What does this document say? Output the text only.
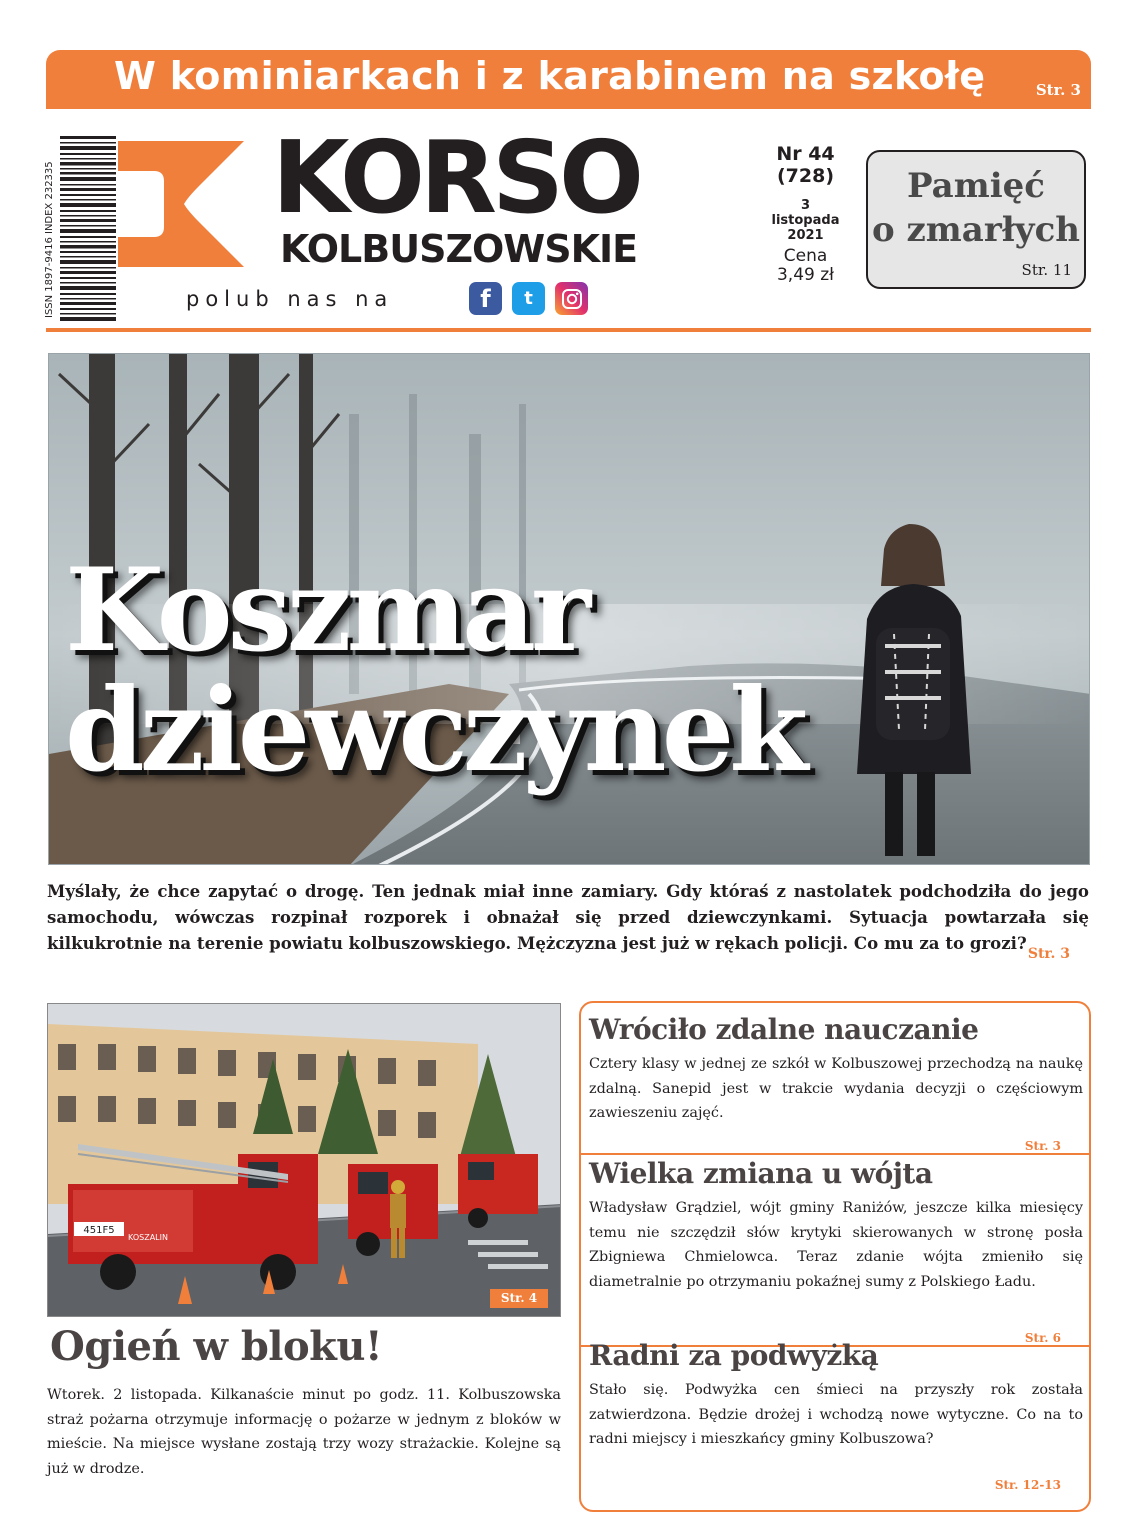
W kominiarkach i z karabinem na szkołę	Str. 3
ISSN 1897-9416 INDEX 232335 KORSO
KOLBUSZOWSKIE
polub nas na	f	t
Nr 44
(728)
3
listopada
2021
Cena
3,49 zł
Pamięć
o zmarłych
Str. 11
Koszmar
dziewczynek
Myślały, że chce zapytać o drogę. Ten jednak miał inne zamiary. Gdy któraś z nastolatek podchodziła do jego samochodu, wówczas rozpinał rozporek i obnażał się przed dziewczynkami. Sytuacja powtarzała się kilkukrotnie na terenie powiatu kolbuszowskiego. Mężczyzna jest już w rękach policji. Co mu za to grozi?
Str. 3
451F5
KOSZALIN
Str. 4
Ogień w bloku!
Wtorek. 2 listopada. Kilkanaście minut po godz. 11. Kolbuszowska straż pożarna otrzymuje informację o pożarze w jednym z bloków w mieście. Na miejsce wysłane zostają trzy wozy strażackie. Kolejne są już w drodze.
Wróciło zdalne nauczanie
Cztery klasy w jednej ze szkół w Kolbuszowej przechodzą na naukę zdalną. Sanepid jest w trakcie wydania decyzji o częściowym zawieszeniu zajęć.
Str. 3
Wielka zmiana u wójta
Władysław Grądziel, wójt gminy Raniżów, jeszcze kilka miesięcy temu nie szczędził słów krytyki skierowanych w stronę posła Zbigniewa Chmielowca. Teraz zdanie wójta zmieniło się diametralnie po otrzymaniu pokaźnej sumy z Polskiego Ładu.
Str. 6
Radni za podwyżką
Stało się. Podwyżka cen śmieci na przyszły rok została zatwierdzona. Będzie drożej i wchodzą nowe wytyczne. Co na to radni miejscy i mieszkańcy gminy Kolbuszowa?
Str. 12-13
